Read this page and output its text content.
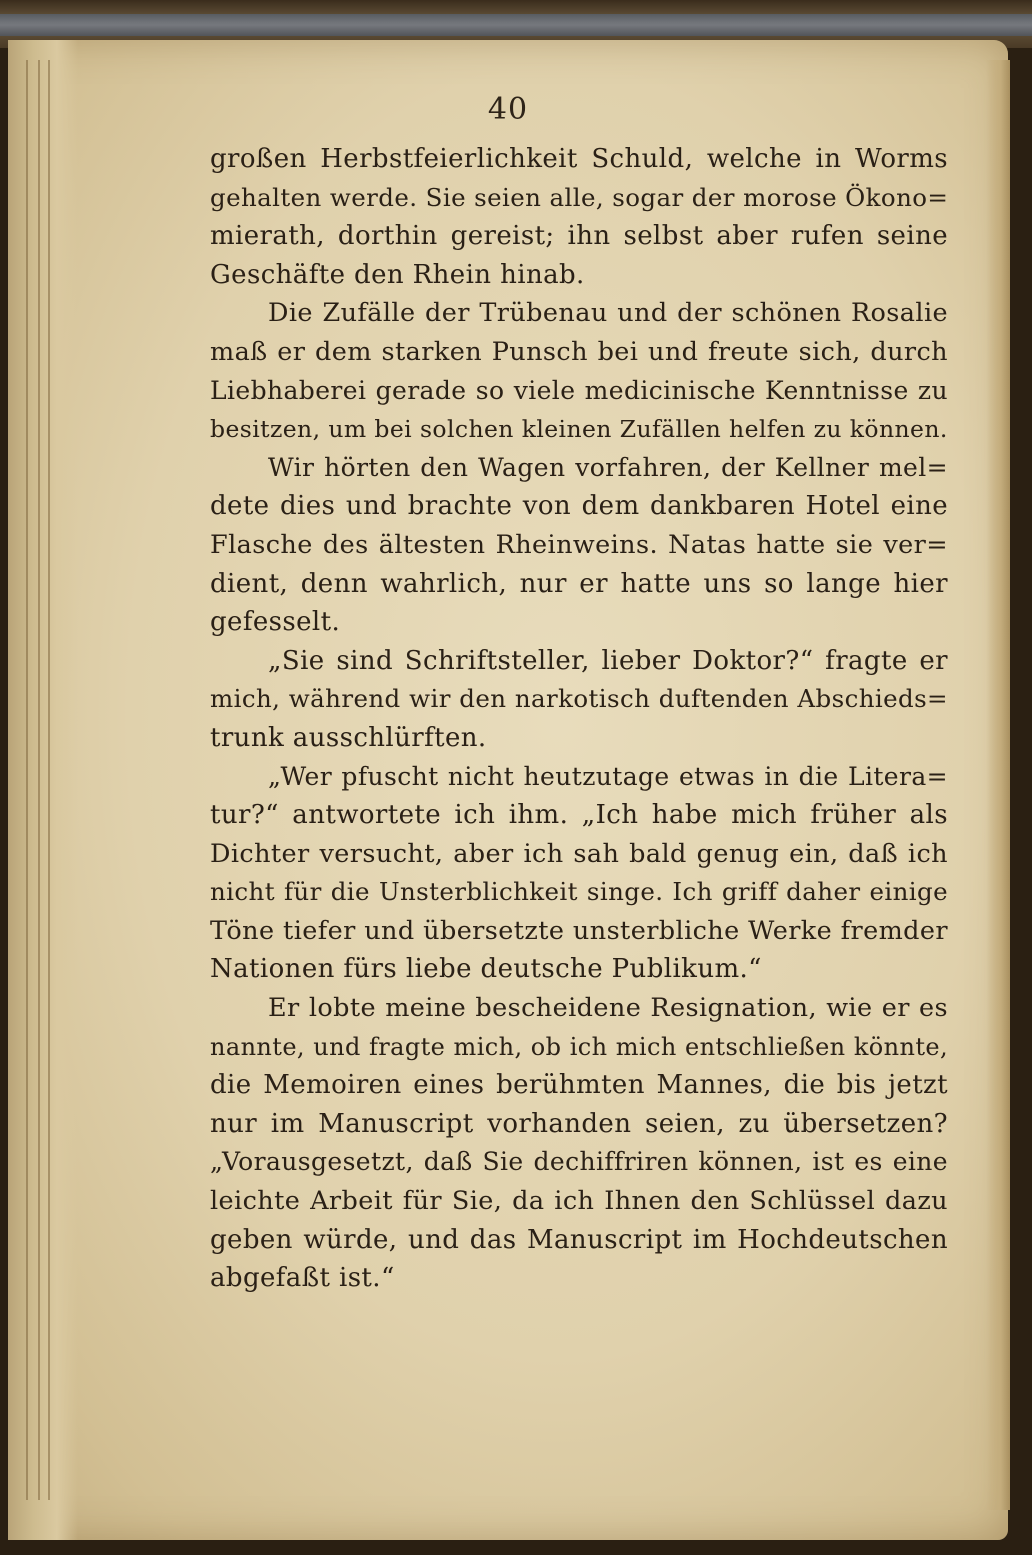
40
großen Herbstfeierlichkeit Schuld, welche in Worms
gehalten werde. Sie seien alle, sogar der morose Ökono=
mierath, dorthin gereist; ihn selbst aber rufen seine
Geschäfte den Rhein hinab.
Die Zufälle der Trübenau und der schönen Rosalie
maß er dem starken Punsch bei und freute sich, durch
Liebhaberei gerade so viele medicinische Kenntnisse zu
besitzen, um bei solchen kleinen Zufällen helfen zu können.
Wir hörten den Wagen vorfahren, der Kellner mel=
dete dies und brachte von dem dankbaren Hotel eine
Flasche des ältesten Rheinweins. Natas hatte sie ver=
dient, denn wahrlich, nur er hatte uns so lange hier
gefesselt.
„Sie sind Schriftsteller, lieber Doktor?“ fragte er
mich, während wir den narkotisch duftenden Abschieds=
trunk ausschlürften.
„Wer pfuscht nicht heutzutage etwas in die Litera=
tur?“ antwortete ich ihm. „Ich habe mich früher als
Dichter versucht, aber ich sah bald genug ein, daß ich
nicht für die Unsterblichkeit singe. Ich griff daher einige
Töne tiefer und übersetzte unsterbliche Werke fremder
Nationen fürs liebe deutsche Publikum.“
Er lobte meine bescheidene Resignation, wie er es
nannte, und fragte mich, ob ich mich entschließen könnte,
die Memoiren eines berühmten Mannes, die bis jetzt
nur im Manuscript vorhanden seien, zu übersetzen?
„Vorausgesetzt, daß Sie dechiffriren können, ist es eine
leichte Arbeit für Sie, da ich Ihnen den Schlüssel dazu
geben würde, und das Manuscript im Hochdeutschen
abgefaßt ist.“
